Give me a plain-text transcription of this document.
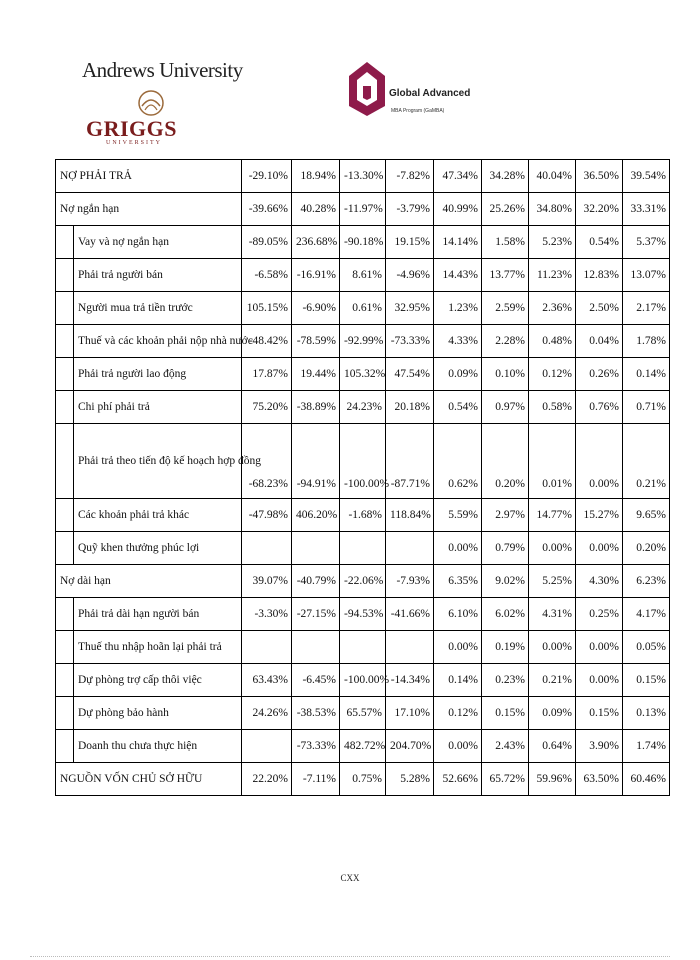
Andrews University
GRIGGS
UNIVERSITY
Global Advanced
MBA Program (GaMBA)
NỢ PHẢI TRẢ		-29.10%	18.94%	-13.30%	-7.82%	47.34%	34.28%	40.04%	36.50%	39.54%
Nợ ngắn hạn		-39.66%	40.28%	-11.97%	-3.79%	40.99%	25.26%	34.80%	32.20%	33.31%
	Vay và nợ ngắn hạn	-89.05%	236.68%	-90.18%	19.15%	14.14%	1.58%	5.23%	0.54%	5.37%
	Phải trả người bán	-6.58%	-16.91%	8.61%	-4.96%	14.43%	13.77%	11.23%	12.83%	13.07%
	Người mua trả tiền trước	105.15%	-6.90%	0.61%	32.95%	1.23%	2.59%	2.36%	2.50%	2.17%
	Thuế và các khoản phải nộp nhà nước	-48.42%	-78.59%	-92.99%	-73.33%	4.33%	2.28%	0.48%	0.04%	1.78%
	Phải trả người lao động	17.87%	19.44%	105.32%	47.54%	0.09%	0.10%	0.12%	0.26%	0.14%
	Chi phí phải trả	75.20%	-38.89%	24.23%	20.18%	0.54%	0.97%	0.58%	0.76%	0.71%
	Phải trả theo tiến độ kế hoạch hợp đồng	-68.23%	-94.91%	-100.00%	-87.71%	0.62%	0.20%	0.01%	0.00%	0.21%
	Các khoản phải trả khác	-47.98%	406.20%	-1.68%	118.84%	5.59%	2.97%	14.77%	15.27%	9.65%
	Quỹ khen thưởng phúc lợi					0.00%	0.79%	0.00%	0.00%	0.20%
Nợ dài hạn		39.07%	-40.79%	-22.06%	-7.93%	6.35%	9.02%	5.25%	4.30%	6.23%
	Phải trả dài hạn người bán	-3.30%	-27.15%	-94.53%	-41.66%	6.10%	6.02%	4.31%	0.25%	4.17%
	Thuế thu nhập hoãn lại phải trả					0.00%	0.19%	0.00%	0.00%	0.05%
	Dự phòng trợ cấp thôi việc	63.43%	-6.45%	-100.00%	-14.34%	0.14%	0.23%	0.21%	0.00%	0.15%
	Dự phòng bảo hành	24.26%	-38.53%	65.57%	17.10%	0.12%	0.15%	0.09%	0.15%	0.13%
	Doanh thu chưa thực hiện		-73.33%	482.72%	204.70%	0.00%	2.43%	0.64%	3.90%	1.74%
NGUỒN VỐN CHỦ SỞ HỮU		22.20%	-7.11%	0.75%	5.28%	52.66%	65.72%	59.96%	63.50%	60.46%
CXX
